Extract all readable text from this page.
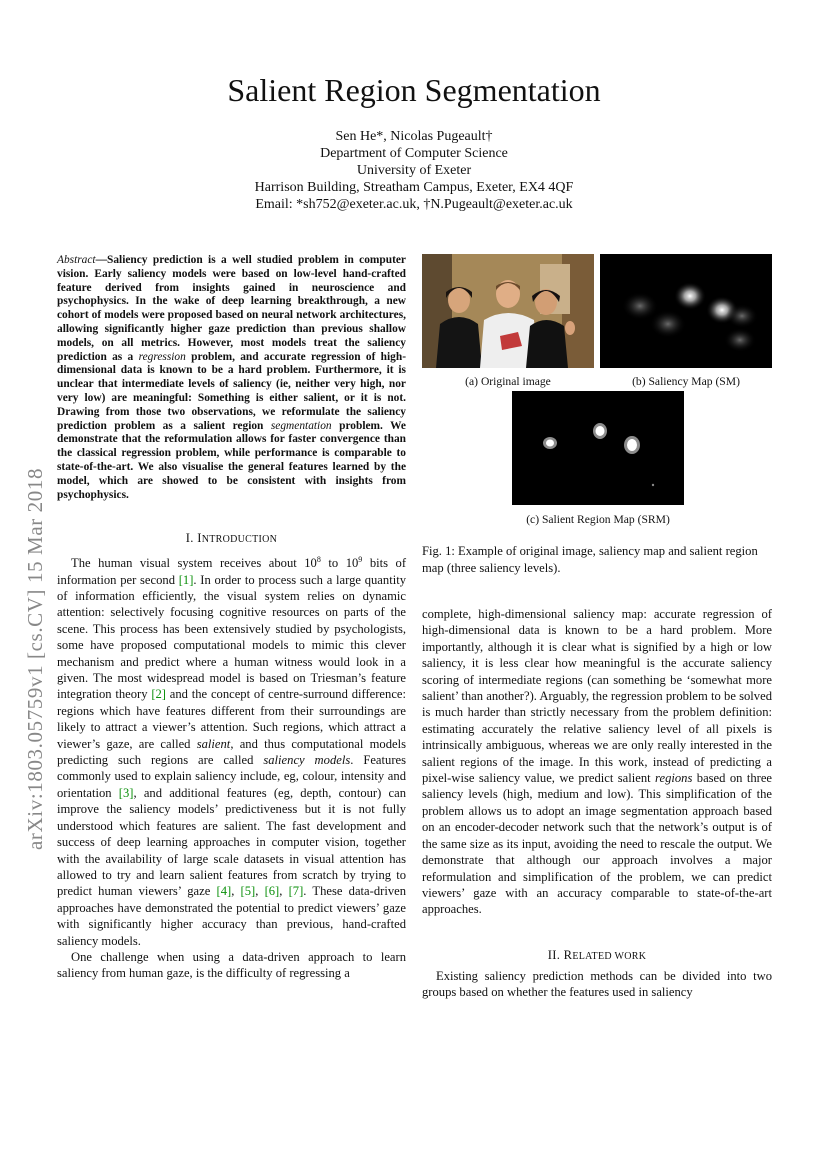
Salient Region Segmentation
Sen He*, Nicolas Pugeault†
Department of Computer Science
University of Exeter
Harrison Building, Streatham Campus, Exeter, EX4 4QF
Email: *sh752@exeter.ac.uk, †N.Pugeault@exeter.ac.uk
arXiv:1803.05759v1 [cs.CV] 15 Mar 2018
Abstract—Saliency prediction is a well studied problem in computer vision. Early saliency models were based on low-level hand-crafted feature derived from insights gained in neuroscience and psychophysics. In the wake of deep learning breakthrough, a new cohort of models were proposed based on neural network architectures, allowing significantly higher gaze prediction than previous shallow models, on all metrics. However, most models treat the saliency prediction as a regression problem, and accurate regression of high-dimensional data is known to be a hard problem. Furthermore, it is unclear that intermediate levels of saliency (ie, neither very high, nor very low) are meaningful: Something is either salient, or it is not. Drawing from those two observations, we reformulate the saliency prediction problem as a salient region segmentation problem. We demonstrate that the reformulation allows for faster convergence than the classical regression problem, while performance is comparable to state-of-the-art. We also visualise the general features learned by the model, which are showed to be consistent with insights from psychophysics.
I. INTRODUCTION

The human visual system receives about $10^8$ to $10^9$ bits of information per second [1]. In order to process such a large quantity of information efficiently, the visual system relies on dynamic attention: selectively focusing cognitive resources on parts of the scene. This process has been extensively studied by psychologists, some have proposed computational models to mimic this clever mechanism and predict where a human witness would look in a given. The most widespread model is based on Triesman’s feature integration theory [2] and the concept of centre-surround difference: regions which have features different from their surroundings are likely to attract a viewer’s attention. Such regions, which attract a viewer’s gaze, are called salient, and thus computational models predicting such regions are called saliency models. Features commonly used to explain saliency include, eg, colour, intensity and orientation [3], and additional features (eg, depth, contour) can improve the saliency models’ predictiveness but it is not fully understood which features are salient. The fast development and success of deep learning approaches in computer vision, together with the availability of large scale datasets in visual attention has allowed to try and learn salient features from scratch by trying to predict human viewers’ gaze [4], [5], [6], [7]. These data-driven approaches have demonstrated the potential to predict viewers’ gaze with significantly higher accuracy than previous, hand-crafted saliency models.

One challenge when using a data-driven approach to learn saliency from human gaze, is the difficulty of regressing a

(a) Original image	(b) Saliency Map (SM)
(c) Salient Region Map (SRM)
Fig. 1: Example of original image, saliency map and salient region map (three saliency levels).
complete, high-dimensional saliency map: accurate regression of high-dimensional data is known to be a hard problem. More importantly, although it is clear what is signified by a high or low saliency, it is less clear how meaningful is the accurate saliency scoring of intermediate regions (can something be ‘somewhat more salient’ than another?). Arguably, the regression problem to be solved is much harder than strictly necessary from the problem definition: estimating accurately the relative saliency level of all pixels is intrinsically ambiguous, whereas we are only really interested in the salient regions of the image. In this work, instead of predicting a pixel-wise saliency value, we predict salient regions based on three saliency levels (high, medium and low). This simplification of the problem allows us to adopt an image segmentation approach based on an encoder-decoder network such that the network’s output is of the same size as its input, avoiding the need to rescale the output. We demonstrate that although our approach involves a major reformulation and simplification of the problem, we can predict viewers’ gaze with an accuracy comparable to state-of-the-art approaches.
II. RELATED WORK

Existing saliency prediction methods can be divided into two groups based on whether the features used in saliency
